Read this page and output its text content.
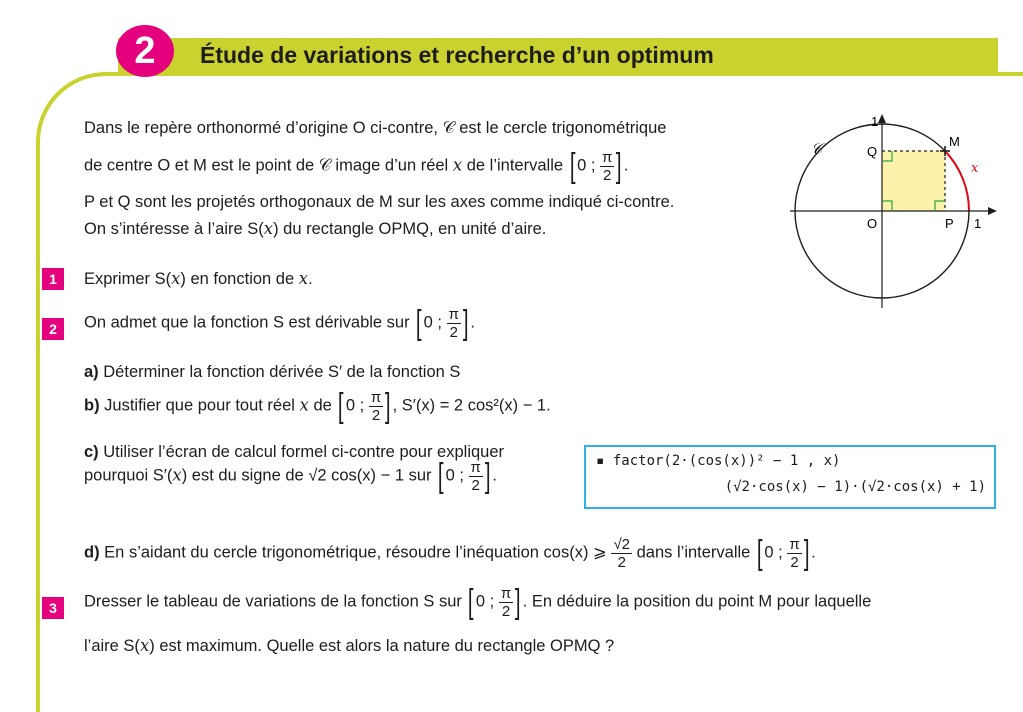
2	Étude de variations et recherche d’un optimum
Dans le repère orthonormé d’origine O ci-contre, 𝒞 est le cercle trigonométrique
de centre O et M est le point de 𝒞 image d’un réel x de l’intervalle [ 0 ; $\frac{\pi}{2}$ ] .
P et Q sont les projetés orthogonaux de M sur les axes comme indiqué ci-contre.
On s’intéresse à l’aire S(x) du rectangle OPMQ, en unité d’aire.
1	Exprimer S(x) en fonction de x.
2	On admet que la fonction S est dérivable sur [ 0 ; $\frac{\pi}{2}$ ] .
a) Déterminer la fonction dérivée S′ de la fonction S
b) Justifier que pour tout réel x de [ 0 ; $\frac{\pi}{2}$ ] , S′(x) = 2 cos²(x) − 1.
c) Utiliser l’écran de calcul formel ci-contre pour expliquer
pourquoi S′(x) est du signe de √2 cos(x) − 1 sur [ 0 ; $\frac{\pi}{2}$ ] .
▪ factor(2·(cos(x))² − 1 , x)
(√2·cos(x) − 1)·(√2·cos(x) + 1)
d) En s’aidant du cercle trigonométrique, résoudre l’inéquation cos(x) ⩾ $\frac{√2}{2}$ dans l’intervalle [ 0 ; $\frac{\pi}{2}$ ] .
3	Dresser le tableau de variations de la fonction S sur [ 0 ; $\frac{\pi}{2}$ ] . En déduire la position du point M pour laquelle
l’aire S(x) est maximum. Quelle est alors la nature du rectangle OPMQ ?
𝒞
1
1
O	P
Q
M
x
